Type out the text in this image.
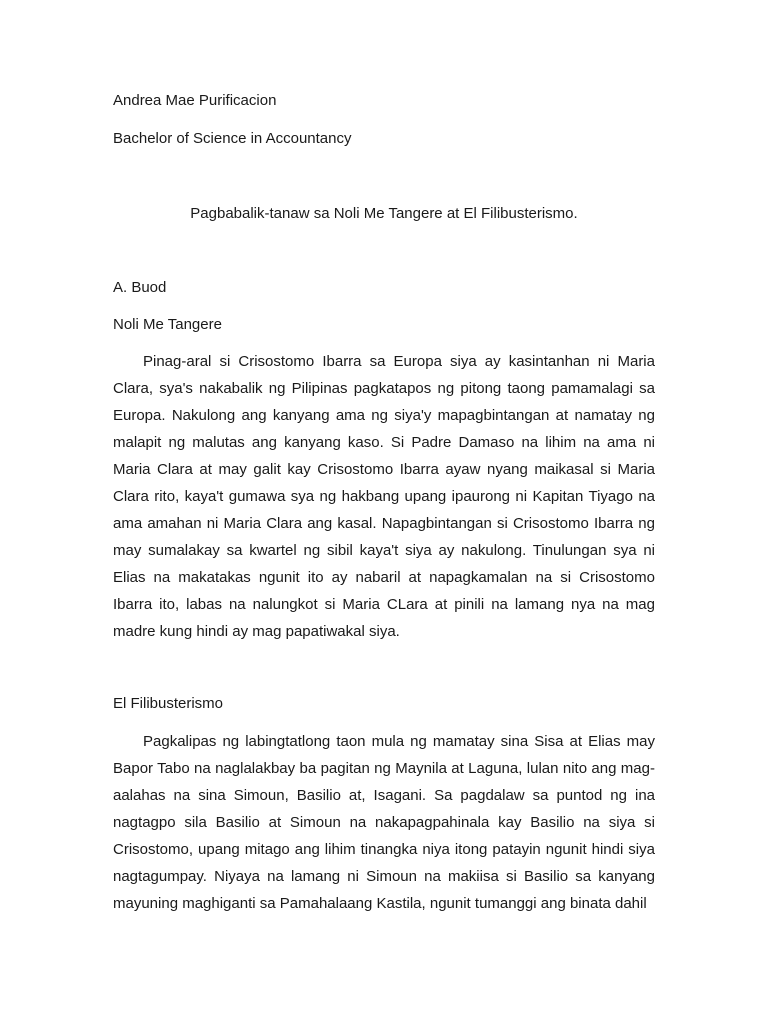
Andrea Mae Purificacion

Bachelor of Science in Accountancy

Pagbabalik-tanaw sa Noli Me Tangere at El Filibusterismo.

A. Buod

Noli Me Tangere

Pinag-aral si Crisostomo Ibarra sa Europa siya ay kasintanhan ni Maria Clara, sya's nakabalik ng Pilipinas pagkatapos ng pitong taong pamamalagi sa Europa. Nakulong ang kanyang ama ng siya'y mapagbintangan at namatay ng malapit ng malutas ang kanyang kaso. Si Padre Damaso na lihim na ama ni Maria Clara at may galit kay Crisostomo Ibarra ayaw nyang maikasal si Maria Clara rito, kaya't gumawa sya ng hakbang upang ipaurong ni Kapitan Tiyago na ama amahan ni Maria Clara ang kasal. Napagbintangan si Crisostomo Ibarra ng may sumalakay sa kwartel ng sibil kaya't siya ay nakulong. Tinulungan sya ni Elias na makatakas ngunit ito ay nabaril at napagkamalan na si Crisostomo Ibarra ito, labas na nalungkot si Maria CLara at pinili na lamang nya na mag madre kung hindi ay mag papatiwakal siya.

El Filibusterismo

Pagkalipas ng labingtatlong taon mula ng mamatay sina Sisa at Elias may Bapor Tabo na naglalakbay ba pagitan ng Maynila at Laguna, lulan nito ang mag-aalahas na sina Simoun, Basilio at, Isagani. Sa pagdalaw sa puntod ng ina nagtagpo sila Basilio at Simoun na nakapagpahinala kay Basilio na siya si Crisostomo, upang mitago ang lihim tinangka niya itong patayin ngunit hindi siya nagtagumpay. Niyaya na lamang ni Simoun na makiisa si Basilio sa kanyang mayuning maghiganti sa Pamahalaang Kastila, ngunit tumanggi ang binata dahil
